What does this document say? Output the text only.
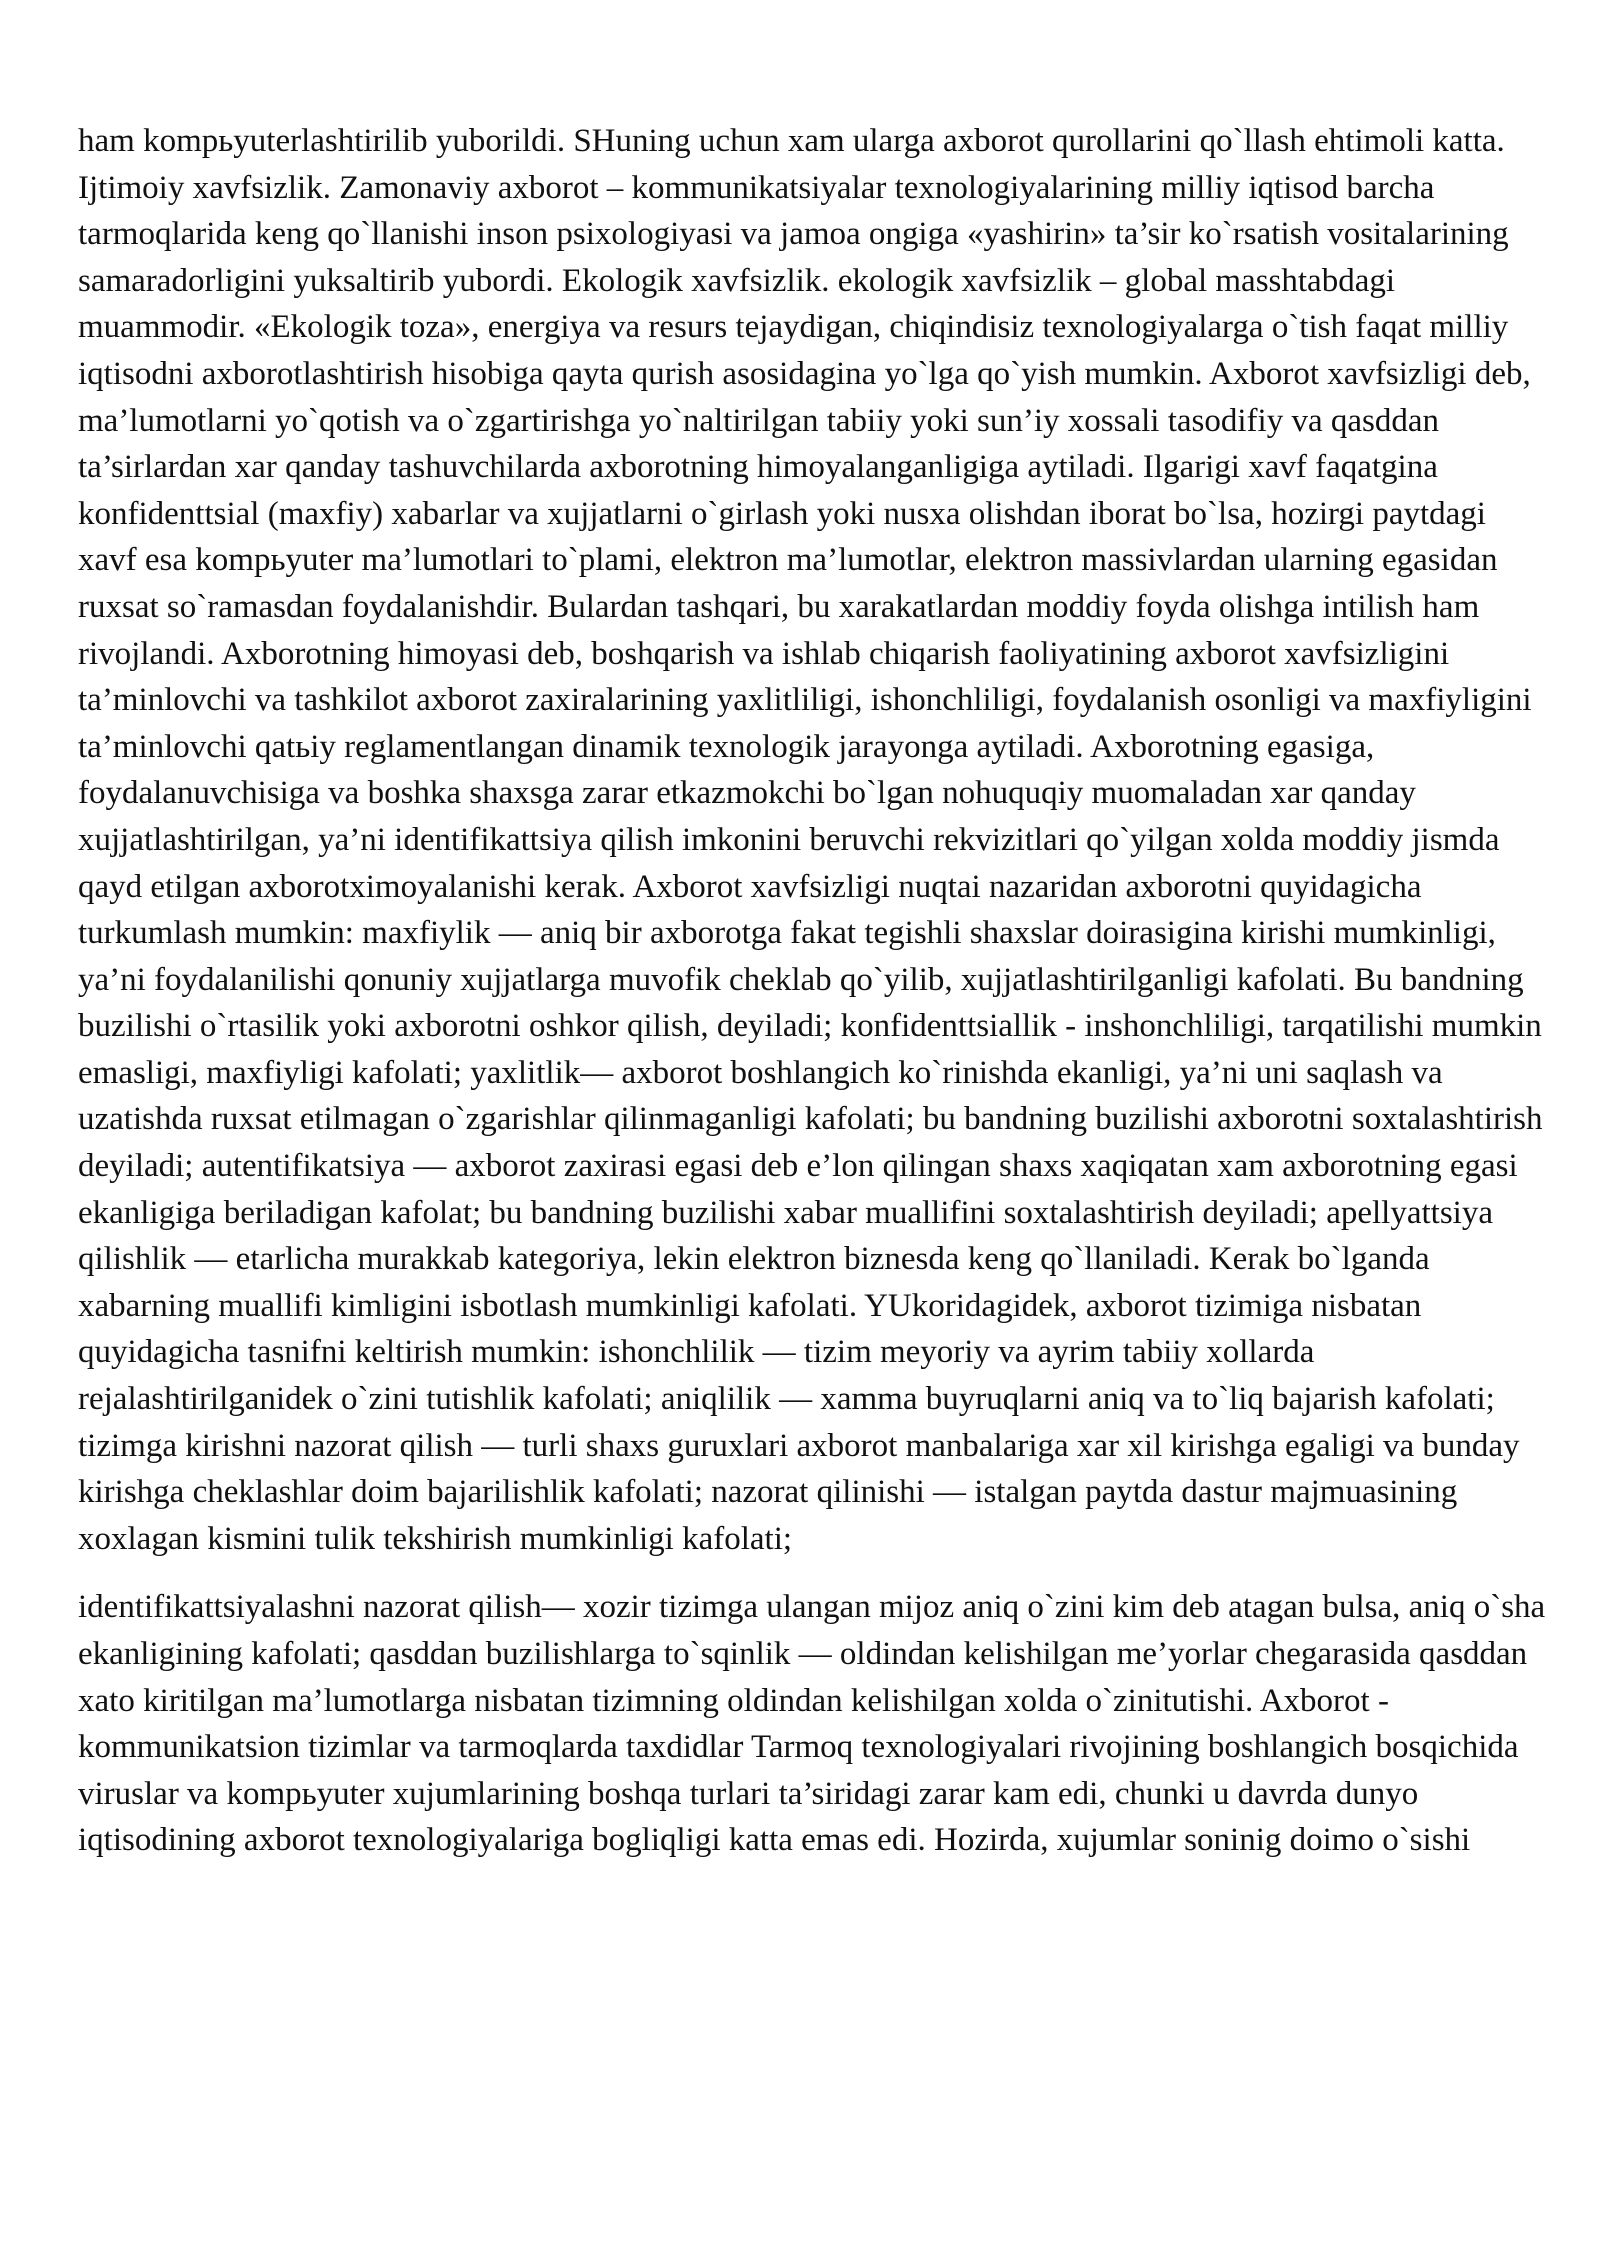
ham kompьyuterlashtirilib yuborildi. SHuning uchun xam ularga axborot qurollarini qo`llash ehtimoli katta. Ijtimoiy xavfsizlik. Zamonaviy axborot – kommunikatsiyalar texnologiyalarining milliy iqtisod barcha tarmoqlarida keng qo`llanishi inson psixologiyasi va jamoa ongiga «yashirin» ta’sir ko`rsatish vositalarining samaradorligini yuksaltirib yubordi. Ekologik xavfsizlik. ekologik xavfsizlik – global masshtabdagi muammodir. «Ekologik toza», energiya va resurs tejaydigan, chiqindisiz texnologiyalarga o`tish faqat milliy iqtisodni axborotlashtirish hisobiga qayta qurish asosidagina yo`lga qo`yish mumkin. Axborot xavfsizligi deb, ma’lumotlarni yo`qotish va o`zgartirishga yo`naltirilgan tabiiy yoki sun’iy xossali tasodifiy va qasddan ta’sirlardan xar qanday tashuvchilarda axborotning himoyalanganligiga aytiladi. Ilgarigi xavf faqatgina konfidenttsial (maxfiy) xabarlar va xujjatlarni o`girlash yoki nusxa olishdan iborat bo`lsa, hozirgi paytdagi xavf esa kompьyuter ma’lumotlari to`plami, elektron ma’lumotlar, elektron massivlardan ularning egasidan ruxsat so`ramasdan foydalanishdir. Bulardan tashqari, bu xarakatlardan moddiy foyda olishga intilish ham rivojlandi. Axborotning himoyasi deb, boshqarish va ishlab chiqarish faoliyatining axborot xavfsizligini ta’minlovchi va tashkilot axborot zaxiralarining yaxlitliligi, ishonchliligi, foydalanish osonligi va maxfiyligini ta’minlovchi qatьiy reglamentlangan dinamik texnologik jarayonga aytiladi. Axborotning egasiga, foydalanuvchisiga va boshka shaxsga zarar etkazmokchi bo`lgan nohuquqiy muomaladan xar qanday xujjatlashtirilgan, ya’ni identifikattsiya qilish imkonini beruvchi rekvizitlari qo`yilgan xolda moddiy jismda qayd etilgan axborotximoyalanishi kerak. Axborot xavfsizligi nuqtai nazaridan axborotni quyidagicha turkumlash mumkin: maxfiylik — aniq bir axborotga fakat tegishli shaxslar doirasigina kirishi mumkinligi, ya’ni foydalanilishi qonuniy xujjatlarga muvofik cheklab qo`yilib, xujjatlashtirilganligi kafolati. Bu bandning buzilishi o`rtasilik yoki axborotni oshkor qilish, deyiladi; konfidenttsiallik - inshonchliligi, tarqatilishi mumkin emasligi, maxfiyligi kafolati; yaxlitlik— axborot boshlangich ko`rinishda ekanligi, ya’ni uni saqlash va uzatishda ruxsat etilmagan o`zgarishlar qilinmaganligi kafolati; bu bandning buzilishi axborotni soxtalashtirish deyiladi; autentifikatsiya — axborot zaxirasi egasi deb e’lon qilingan shaxs xaqiqatan xam axborotning egasi ekanligiga beriladigan kafolat; bu bandning buzilishi xabar muallifini soxtalashtirish deyiladi; apellyattsiya qilishlik — etarlicha murakkab kategoriya, lekin elektron biznesda keng qo`llaniladi. Kerak bo`lganda xabarning muallifi kimligini isbotlash mumkinligi kafolati. YUkoridagidek, axborot tizimiga nisbatan quyidagicha tasnifni keltirish mumkin: ishonchlilik — tizim meyoriy va ayrim tabiiy xollarda rejalashtirilganidek o`zini tutishlik kafolati; aniqlilik — xamma buyruqlarni aniq va to`liq bajarish kafolati; tizimga kirishni nazorat qilish — turli shaxs guruxlari axborot manbalariga xar xil kirishga egaligi va bunday kirishga cheklashlar doim bajarilishlik kafolati; nazorat qilinishi — istalgan paytda dastur majmuasining xoxlagan kismini tulik tekshirish mumkinligi kafolati;

identifikattsiyalashni nazorat qilish— xozir tizimga ulangan mijoz aniq o`zini kim deb atagan bulsa, aniq o`sha ekanligining kafolati; qasddan buzilishlarga to`sqinlik — oldindan kelishilgan me’yorlar chegarasida qasddan xato kiritilgan ma’lumotlarga nisbatan tizimning oldindan kelishilgan xolda o`zinitutishi. Axborot - kommunikatsion tizimlar va tarmoqlarda taxdidlar Tarmoq texnologiyalari rivojining boshlangich bosqichida viruslar va kompьyuter xujumlarining boshqa turlari ta’siridagi zarar kam edi, chunki u davrda dunyo iqtisodining axborot texnologiyalariga bogliqligi katta emas edi. Hozirda, xujumlar soninig doimo o`sishi
